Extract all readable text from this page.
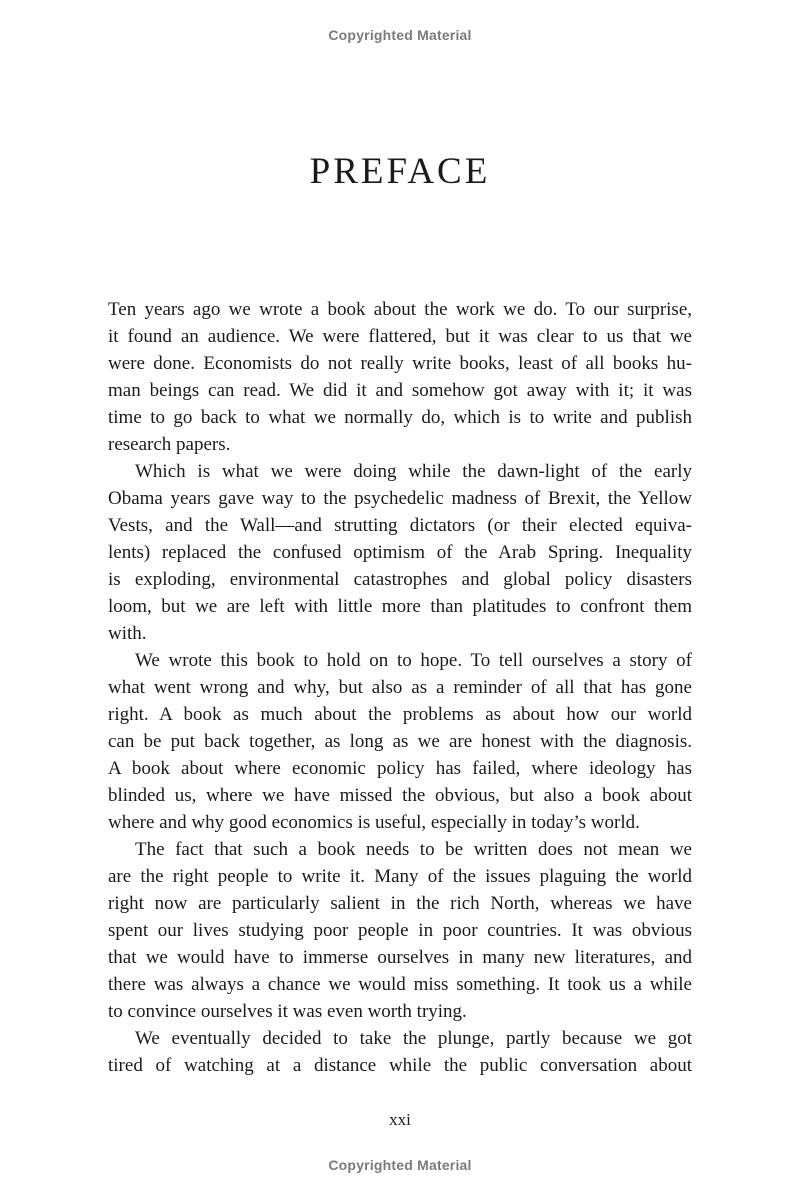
Copyrighted Material
PREFACE
Ten years ago we wrote a book about the work we do. To our surprise,
it found an audience. We were flattered, but it was clear to us that we
were done. Economists do not really write books, least of all books hu-
man beings can read. We did it and somehow got away with it; it was
time to go back to what we normally do, which is to write and publish
research papers.
Which is what we were doing while the dawn-light of the early
Obama years gave way to the psychedelic madness of Brexit, the Yellow
Vests, and the Wall—and strutting dictators (or their elected equiva-
lents) replaced the confused optimism of the Arab Spring. Inequality
is exploding, environmental catastrophes and global policy disasters
loom, but we are left with little more than platitudes to confront them
with.
We wrote this book to hold on to hope. To tell ourselves a story of
what went wrong and why, but also as a reminder of all that has gone
right. A book as much about the problems as about how our world
can be put back together, as long as we are honest with the diagnosis.
A book about where economic policy has failed, where ideology has
blinded us, where we have missed the obvious, but also a book about
where and why good economics is useful, especially in today’s world.
The fact that such a book needs to be written does not mean we
are the right people to write it. Many of the issues plaguing the world
right now are particularly salient in the rich North, whereas we have
spent our lives studying poor people in poor countries. It was obvious
that we would have to immerse ourselves in many new literatures, and
there was always a chance we would miss something. It took us a while
to convince ourselves it was even worth trying.
We eventually decided to take the plunge, partly because we got
tired of watching at a distance while the public conversation about
xxi
Copyrighted Material
